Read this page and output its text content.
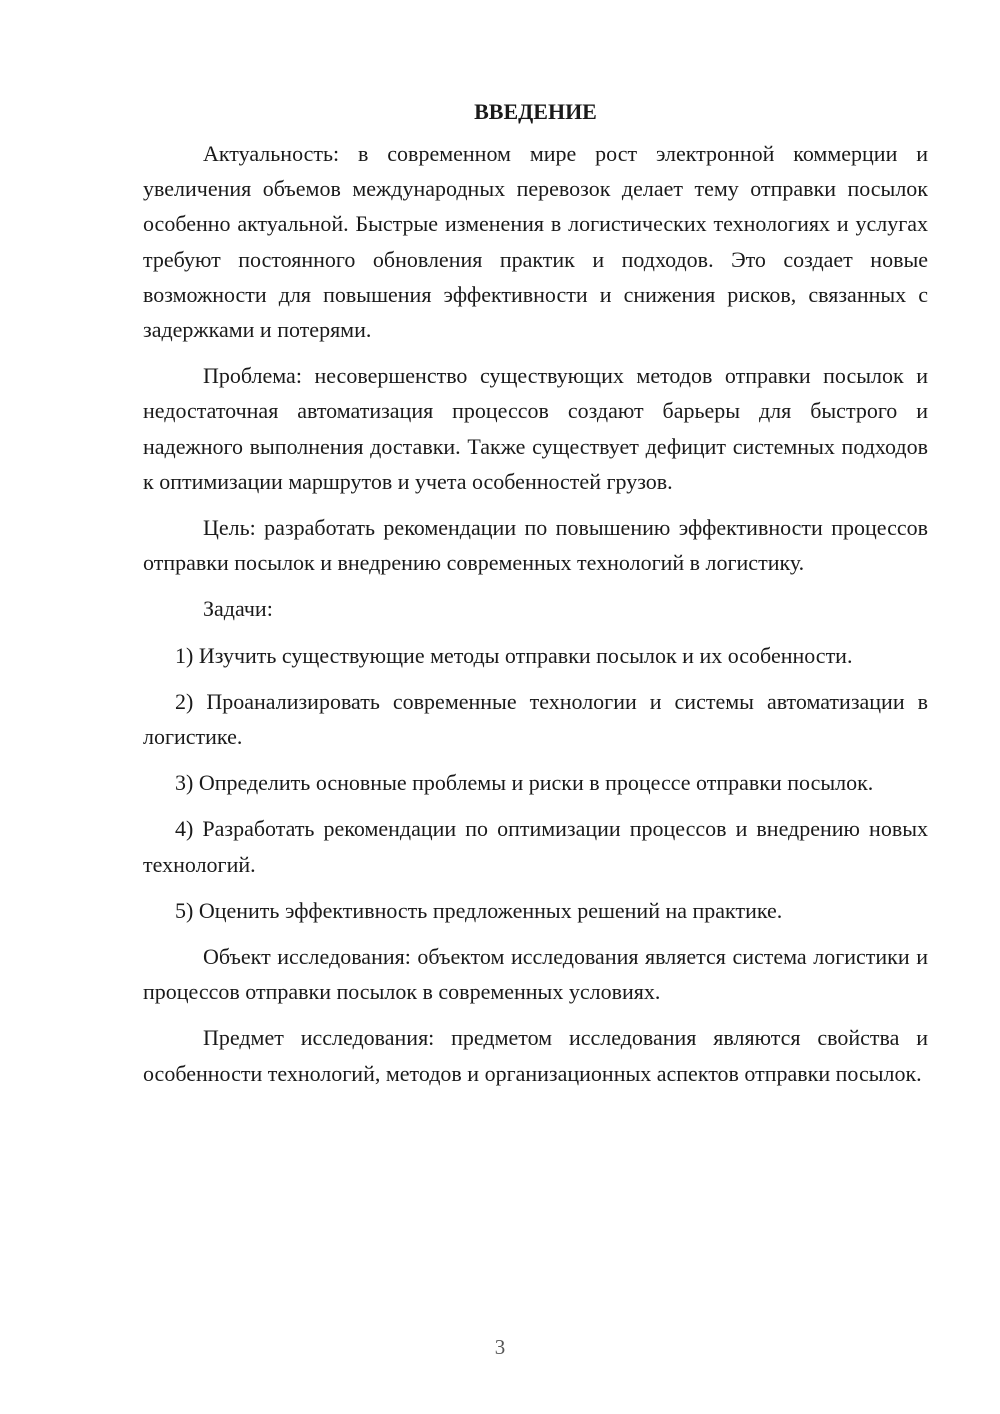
ВВЕДЕНИЕ

Актуальность: в современном мире рост электронной коммерции и увеличения объемов международных перевозок делает тему отправки посылок особенно актуальной. Быстрые изменения в логистических технологиях и услугах требуют постоянного обновления практик и подходов. Это создает новые возможности для повышения эффективности и снижения рисков, связанных с задержками и потерями.

Проблема: несовершенство существующих методов отправки посылок и недостаточная автоматизация процессов создают барьеры для быстрого и надежного выполнения доставки. Также существует дефицит системных подходов к оптимизации маршрутов и учета особенностей грузов.

Цель: разработать рекомендации по повышению эффективности процессов отправки посылок и внедрению современных технологий в логистику.

Задачи:

1) Изучить существующие методы отправки посылок и их особенности.

2) Проанализировать современные технологии и системы автоматизации в логистике.

3) Определить основные проблемы и риски в процессе отправки посылок.

4) Разработать рекомендации по оптимизации процессов и внедрению новых технологий.

5) Оценить эффективность предложенных решений на практике.

Объект исследования: объектом исследования является система логистики и процессов отправки посылок в современных условиях.

Предмет исследования: предметом исследования являются свойства и особенности технологий, методов и организационных аспектов отправки посылок.

3
